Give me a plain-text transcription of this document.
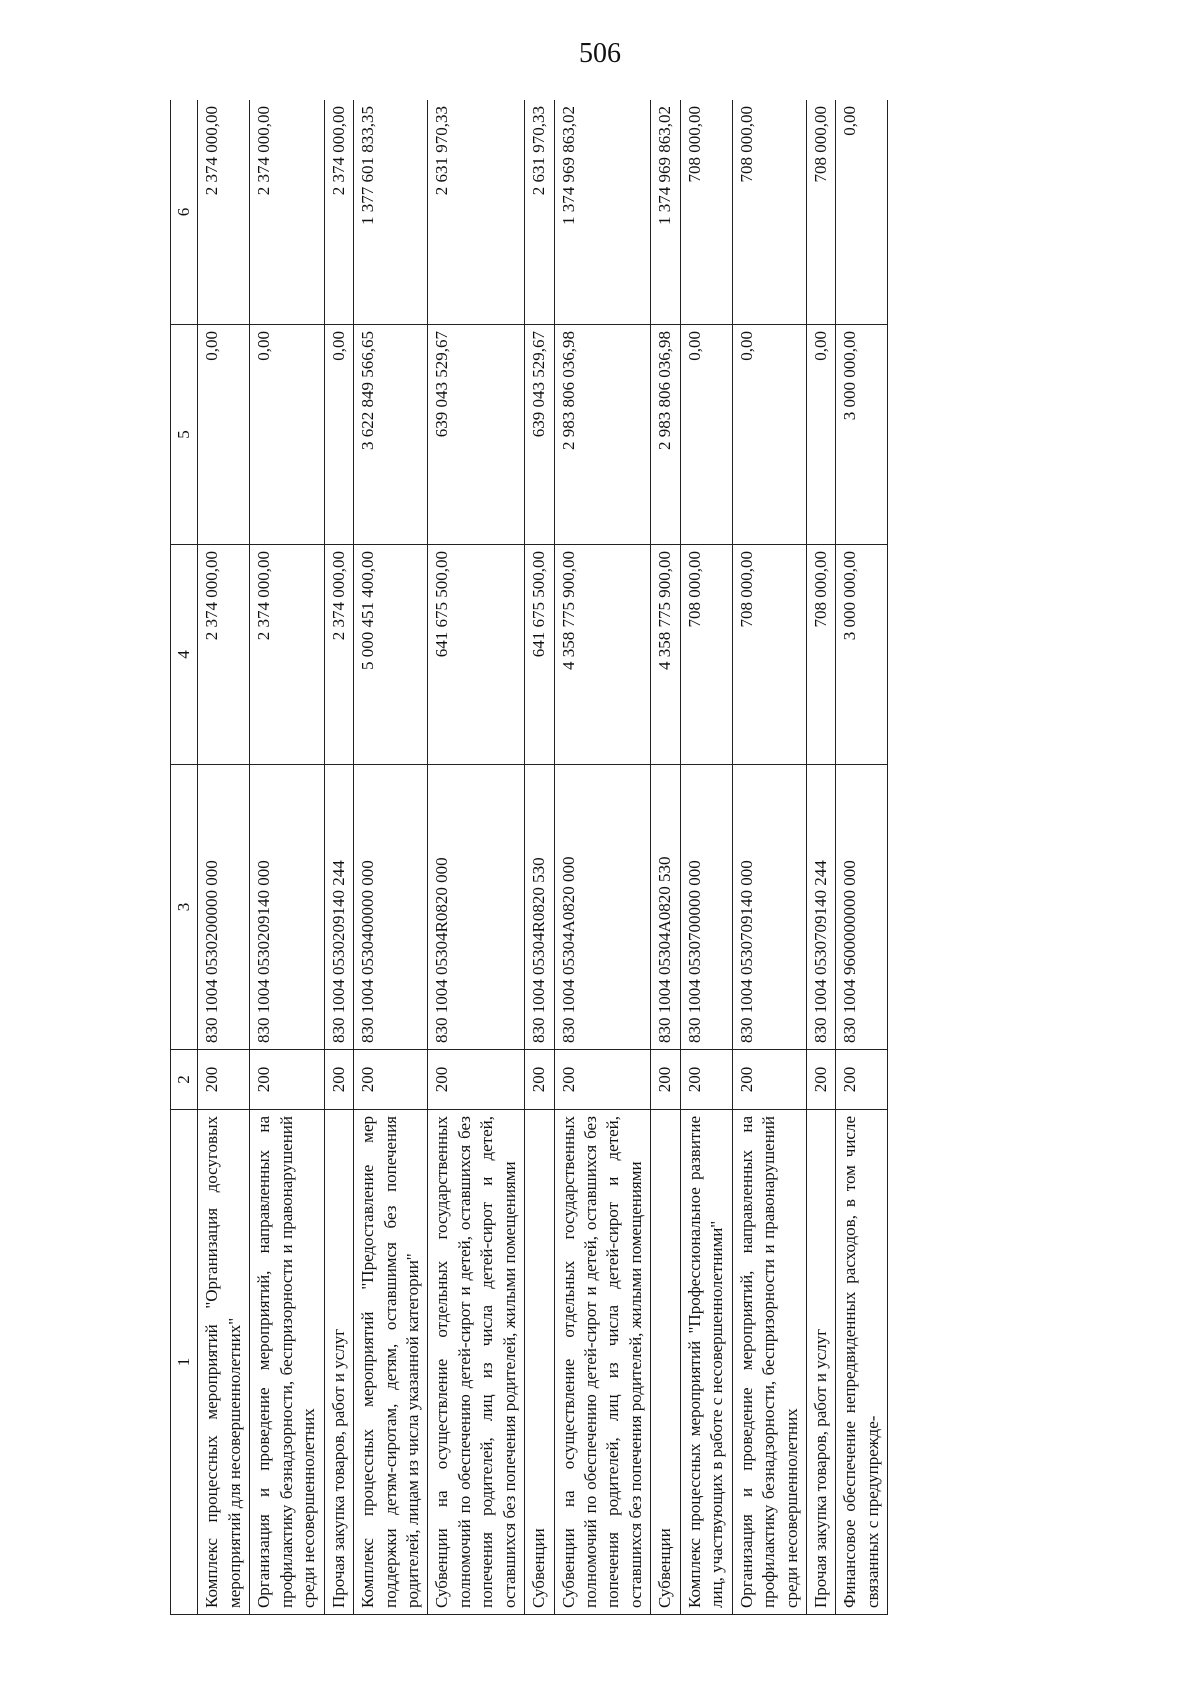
506
1	2	3	4	5	6
Комплекс процессных мероприятий "Организация досуговых мероприятий для несовершеннолетних"	200	830 1004 0530200000 000	2 374 000,00	0,00	2 374 000,00
Организация и проведение мероприятий, направленных на профилактику безнадзорности, беспризорности и правонарушений среди несовершеннолетних	200	830 1004 0530209140 000	2 374 000,00	0,00	2 374 000,00
Прочая закупка товаров, работ и услуг	200	830 1004 0530209140 244	2 374 000,00	0,00	2 374 000,00
Комплекс процессных мероприятий "Предоставление мер поддержки детям-сиротам, детям, оставшимся без попечения родителей, лицам из числа указанной категории"	200	830 1004 0530400000 000	5 000 451 400,00	3 622 849 566,65	1 377 601 833,35
Субвенции на осуществление отдельных государственных полномочий по обеспечению детей-сирот и детей, оставшихся без попечения родителей, лиц из числа детей-сирот и детей, оставшихся без попечения родителей, жилыми помещениями	200	830 1004 05304R0820 000	641 675 500,00	639 043 529,67	2 631 970,33
Субвенции	200	830 1004 05304R0820 530	641 675 500,00	639 043 529,67	2 631 970,33
Субвенции на осуществление отдельных государственных полномочий по обеспечению детей-сирот и детей, оставшихся без попечения родителей, лиц из числа детей-сирот и детей, оставшихся без попечения родителей, жилыми помещениями	200	830 1004 05304A0820 000	4 358 775 900,00	2 983 806 036,98	1 374 969 863,02
Субвенции	200	830 1004 05304A0820 530	4 358 775 900,00	2 983 806 036,98	1 374 969 863,02
Комплекс процессных мероприятий "Профессиональное развитие лиц, участвующих в работе с несовершеннолетними"	200	830 1004 0530700000 000	708 000,00	0,00	708 000,00
Организация и проведение мероприятий, направленных на профилактику безнадзорности, беспризорности и правонарушений среди несовершеннолетних	200	830 1004 0530709140 000	708 000,00	0,00	708 000,00
Прочая закупка товаров, работ и услуг	200	830 1004 0530709140 244	708 000,00	0,00	708 000,00
Финансовое обеспечение непредвиденных расходов, в том числе связанных с предупрежде-	200	830 1004 9600000000 000	3 000 000,00	3 000 000,00	0,00
